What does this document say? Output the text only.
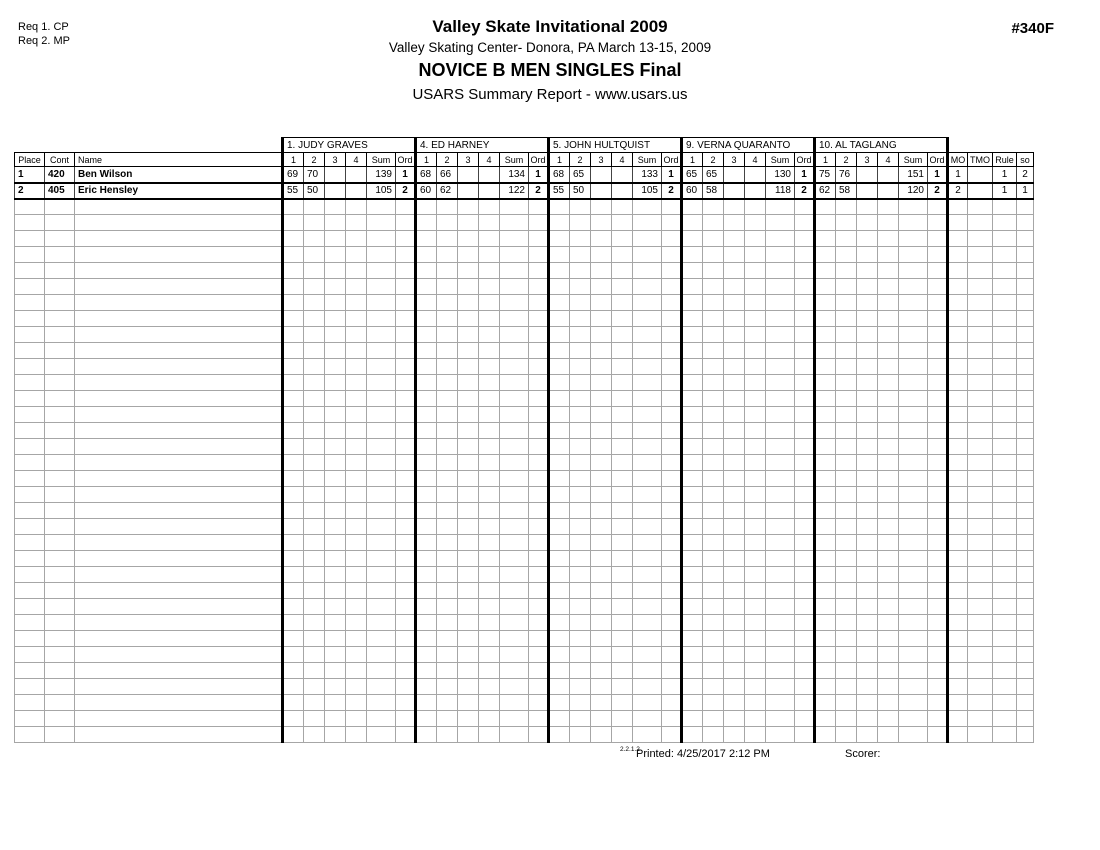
Req 1. CP
Req 2. MP
#340F
Valley Skate Invitational 2009
Valley Skating Center- Donora, PA March 13-15, 2009
NOVICE B MEN SINGLES Final
USARS Summary Report - www.usars.us
			1. JUDY GRAVES						4. ED HARNEY						5. JOHN HULTQUIST						9. VERNA QUARANTO						10. AL TAGLANG									
Place	Cont	Name	1	2	3	4	Sum	Ord	1	2	3	4	Sum	Ord	1	2	3	4	Sum	Ord	1	2	3	4	Sum	Ord	1	2	3	4	Sum	Ord	MO	TMO	Rule	so
1	420	Ben Wilson	69	70			139	1	68	66			134	1	68	65			133	1	65	65			130	1	75	76			151	1	1		1	2
2	405	Eric Hensley	55	50			105	2	60	62			122	2	55	50			105	2	60	58			118	2	62	58			120	2	2		1	1

2.2.1.2
Printed: 4/25/2017 2:12 PM	Scorer:
